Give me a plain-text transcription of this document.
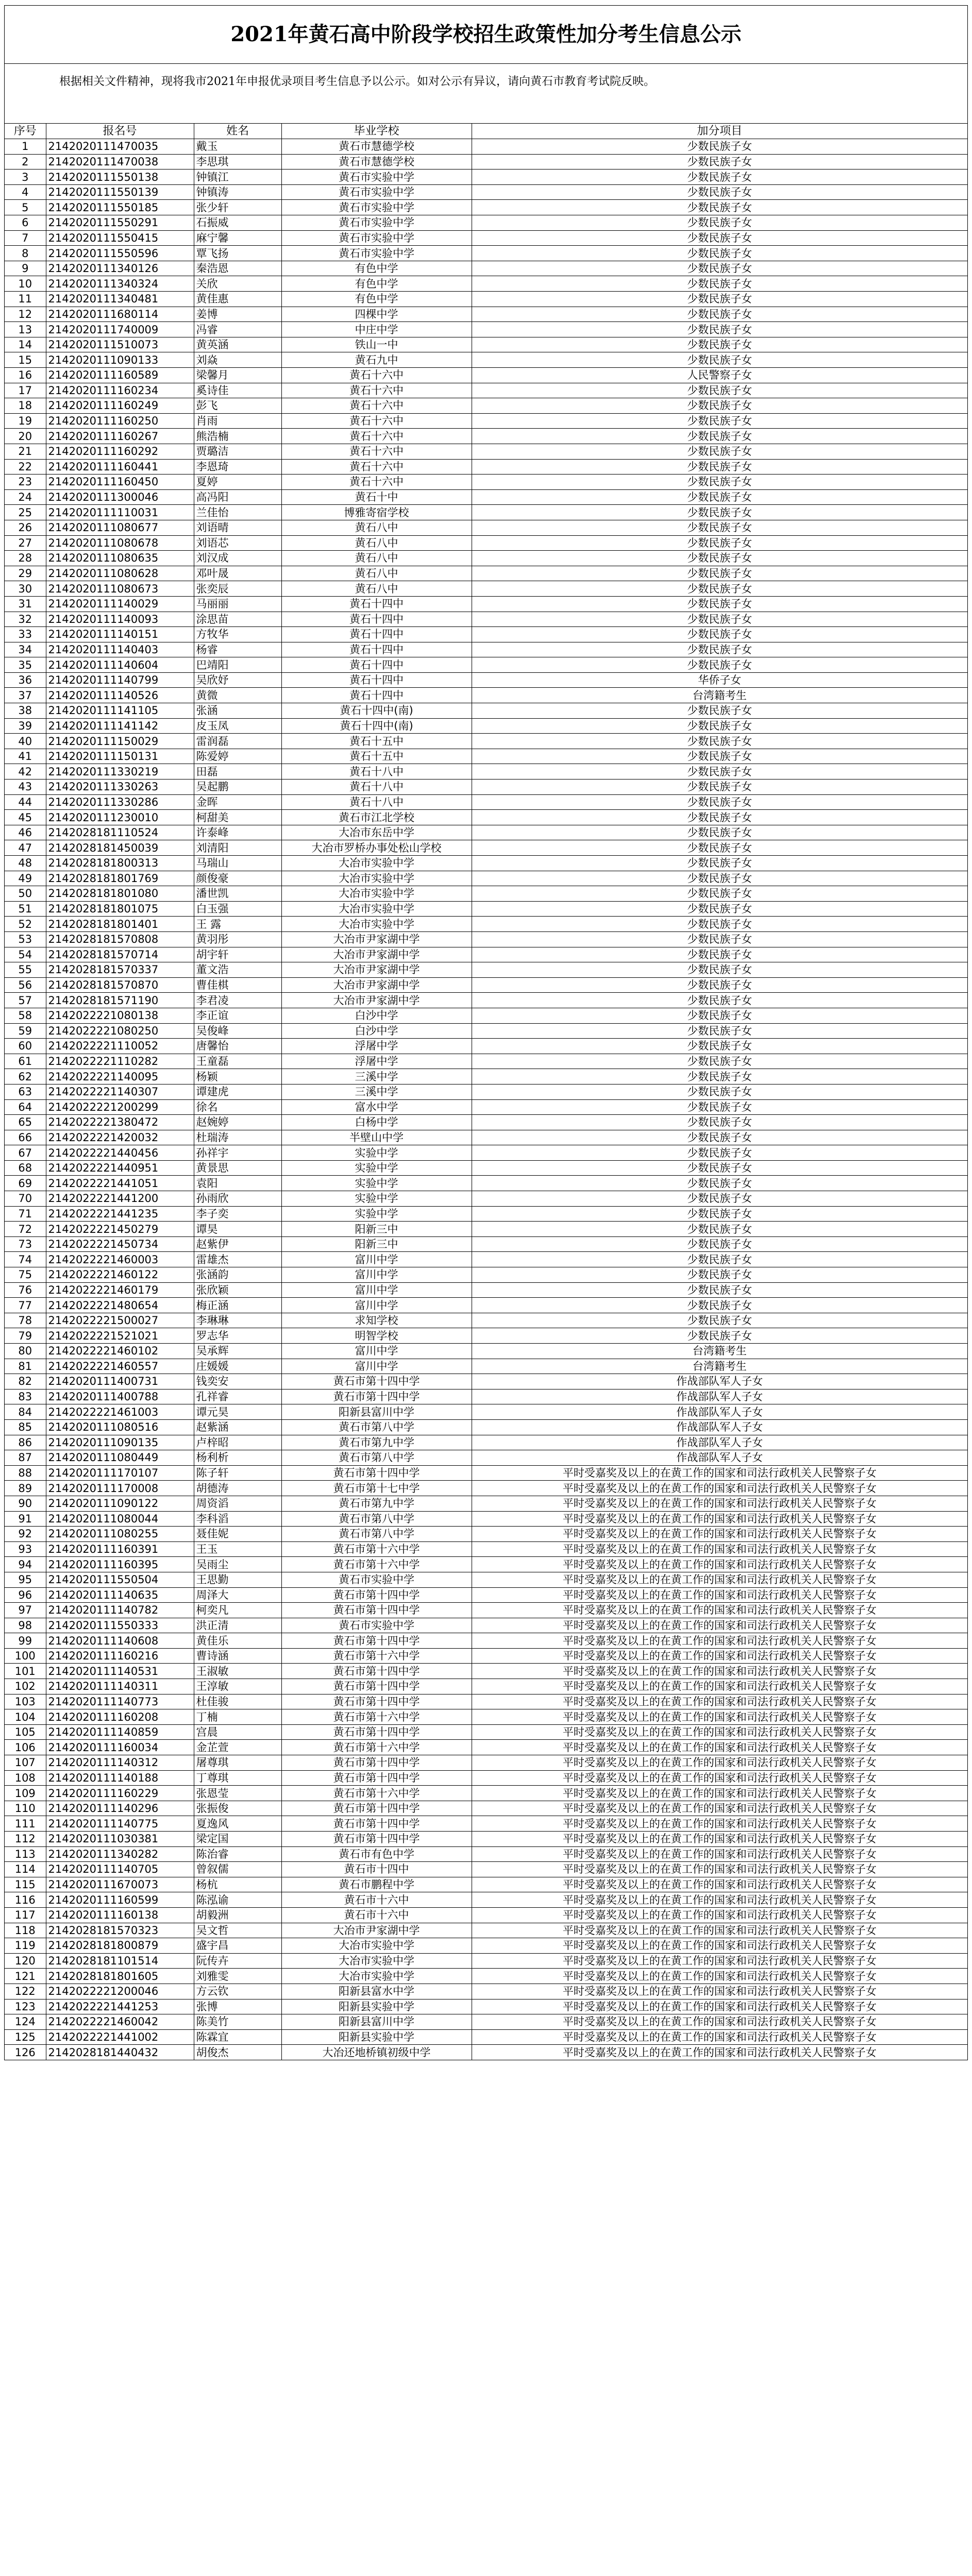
2021年黄石高中阶段学校招生政策性加分考生信息公示
根据相关文件精神，现将我市2021年申报优录项目考生信息予以公示。如对公示有异议，请向黄石市教育考试院反映。
序号	报名号	姓名	毕业学校	加分项目
1	2142020111470035	戴玉	黄石市慧德学校	少数民族子女
2	2142020111470038	李思琪	黄石市慧德学校	少数民族子女
3	2142020111550138	钟镇江	黄石市实验中学	少数民族子女
4	2142020111550139	钟镇涛	黄石市实验中学	少数民族子女
5	2142020111550185	张少轩	黄石市实验中学	少数民族子女
6	2142020111550291	石振威	黄石市实验中学	少数民族子女
7	2142020111550415	麻宁馨	黄石市实验中学	少数民族子女
8	2142020111550596	覃飞扬	黄石市实验中学	少数民族子女
9	2142020111340126	秦浩恩	有色中学	少数民族子女
10	2142020111340324	关欣	有色中学	少数民族子女
11	2142020111340481	黄佳惠	有色中学	少数民族子女
12	2142020111680114	姜博	四棵中学	少数民族子女
13	2142020111740009	冯睿	中庄中学	少数民族子女
14	2142020111510073	黄英涵	铁山一中	少数民族子女
15	2142020111090133	刘焱	黄石九中	少数民族子女
16	2142020111160589	梁馨月	黄石十六中	人民警察子女
17	2142020111160234	奚诗佳	黄石十六中	少数民族子女
18	2142020111160249	彭飞	黄石十六中	少数民族子女
19	2142020111160250	肖雨	黄石十六中	少数民族子女
20	2142020111160267	熊浩楠	黄石十六中	少数民族子女
21	2142020111160292	贾璐洁	黄石十六中	少数民族子女
22	2142020111160441	李恩琦	黄石十六中	少数民族子女
23	2142020111160450	夏婷	黄石十六中	少数民族子女
24	2142020111300046	高冯阳	黄石十中	少数民族子女
25	2142020111110031	兰佳怡	博雅寄宿学校	少数民族子女
26	2142020111080677	刘语晴	黄石八中	少数民族子女
27	2142020111080678	刘语芯	黄石八中	少数民族子女
28	2142020111080635	刘汉成	黄石八中	少数民族子女
29	2142020111080628	邓叶晟	黄石八中	少数民族子女
30	2142020111080673	张奕辰	黄石八中	少数民族子女
31	2142020111140029	马丽丽	黄石十四中	少数民族子女
32	2142020111140093	涂思苗	黄石十四中	少数民族子女
33	2142020111140151	方牧华	黄石十四中	少数民族子女
34	2142020111140403	杨睿	黄石十四中	少数民族子女
35	2142020111140604	巴靖阳	黄石十四中	少数民族子女
36	2142020111140799	吴欣妤	黄石十四中	华侨子女
37	2142020111140526	黄微	黄石十四中	台湾籍考生
38	2142020111141105	张涵	黄石十四中(南)	少数民族子女
39	2142020111141142	皮玉凤	黄石十四中(南)	少数民族子女
40	2142020111150029	雷润磊	黄石十五中	少数民族子女
41	2142020111150131	陈爱婷	黄石十五中	少数民族子女
42	2142020111330219	田磊	黄石十八中	少数民族子女
43	2142020111330263	吴起鹏	黄石十八中	少数民族子女
44	2142020111330286	金晖	黄石十八中	少数民族子女
45	2142020111230010	柯甜美	黄石市江北学校	少数民族子女
46	2142028181110524	许泰峰	大冶市东岳中学	少数民族子女
47	2142028181450039	刘清阳	大冶市罗桥办事处松山学校	少数民族子女
48	2142028181800313	马瑞山	大冶市实验中学	少数民族子女
49	2142028181801769	颜俊豪	大冶市实验中学	少数民族子女
50	2142028181801080	潘世凯	大冶市实验中学	少数民族子女
51	2142028181801075	白玉强	大冶市实验中学	少数民族子女
52	2142028181801401	王 露	大冶市实验中学	少数民族子女
53	2142028181570808	黄羽彤	大冶市尹家湖中学	少数民族子女
54	2142028181570714	胡宇轩	大冶市尹家湖中学	少数民族子女
55	2142028181570337	董文浩	大冶市尹家湖中学	少数民族子女
56	2142028181570870	曹佳棋	大冶市尹家湖中学	少数民族子女
57	2142028181571190	李君凌	大冶市尹家湖中学	少数民族子女
58	2142022221080138	李正谊	白沙中学	少数民族子女
59	2142022221080250	吴俊峰	白沙中学	少数民族子女
60	2142022221110052	唐馨怡	浮屠中学	少数民族子女
61	2142022221110282	王童磊	浮屠中学	少数民族子女
62	2142022221140095	杨颖	三溪中学	少数民族子女
63	2142022221140307	谭建虎	三溪中学	少数民族子女
64	2142022221200299	徐名	富水中学	少数民族子女
65	2142022221380472	赵婉婷	白杨中学	少数民族子女
66	2142022221420032	杜瑞涛	半壁山中学	少数民族子女
67	2142022221440456	孙祥宇	实验中学	少数民族子女
68	2142022221440951	黄景思	实验中学	少数民族子女
69	2142022221441051	袁阳	实验中学	少数民族子女
70	2142022221441200	孙雨欣	实验中学	少数民族子女
71	2142022221441235	李子奕	实验中学	少数民族子女
72	2142022221450279	谭昊	阳新三中	少数民族子女
73	2142022221450734	赵紫伊	阳新三中	少数民族子女
74	2142022221460003	雷雄杰	富川中学	少数民族子女
75	2142022221460122	张涵韵	富川中学	少数民族子女
76	2142022221460179	张欣颖	富川中学	少数民族子女
77	2142022221480654	梅正涵	富川中学	少数民族子女
78	2142022221500027	李琳琳	求知学校	少数民族子女
79	2142022221521021	罗志华	明智学校	少数民族子女
80	2142022221460102	吴承辉	富川中学	台湾籍考生
81	2142022221460557	庄媛媛	富川中学	台湾籍考生
82	2142020111400731	钱奕安	黄石市第十四中学	作战部队军人子女
83	2142020111400788	孔祥睿	黄石市第十四中学	作战部队军人子女
84	2142022221461003	谭元昊	阳新县富川中学	作战部队军人子女
85	2142020111080516	赵紫涵	黄石市第八中学	作战部队军人子女
86	2142020111090135	卢梓昭	黄石市第九中学	作战部队军人子女
87	2142020111080449	杨利析	黄石市第八中学	作战部队军人子女
88	2142020111170107	陈子轩	黄石市第十四中学	平时受嘉奖及以上的在黄工作的国家和司法行政机关人民警察子女
89	2142020111170008	胡德涛	黄石市第十七中学	平时受嘉奖及以上的在黄工作的国家和司法行政机关人民警察子女
90	2142020111090122	周资滔	黄石市第九中学	平时受嘉奖及以上的在黄工作的国家和司法行政机关人民警察子女
91	2142020111080044	李科滔	黄石市第八中学	平时受嘉奖及以上的在黄工作的国家和司法行政机关人民警察子女
92	2142020111080255	聂佳妮	黄石市第八中学	平时受嘉奖及以上的在黄工作的国家和司法行政机关人民警察子女
93	2142020111160391	王玉	黄石市第十六中学	平时受嘉奖及以上的在黄工作的国家和司法行政机关人民警察子女
94	2142020111160395	吴雨尘	黄石市第十六中学	平时受嘉奖及以上的在黄工作的国家和司法行政机关人民警察子女
95	2142020111550504	王思勤	黄石市实验中学	平时受嘉奖及以上的在黄工作的国家和司法行政机关人民警察子女
96	2142020111140635	周泽大	黄石市第十四中学	平时受嘉奖及以上的在黄工作的国家和司法行政机关人民警察子女
97	2142020111140782	柯奕凡	黄石市第十四中学	平时受嘉奖及以上的在黄工作的国家和司法行政机关人民警察子女
98	2142020111550333	洪正清	黄石市实验中学	平时受嘉奖及以上的在黄工作的国家和司法行政机关人民警察子女
99	2142020111140608	黄佳乐	黄石市第十四中学	平时受嘉奖及以上的在黄工作的国家和司法行政机关人民警察子女
100	2142020111160216	曹诗涵	黄石市第十六中学	平时受嘉奖及以上的在黄工作的国家和司法行政机关人民警察子女
101	2142020111140531	王淑敏	黄石市第十四中学	平时受嘉奖及以上的在黄工作的国家和司法行政机关人民警察子女
102	2142020111140311	王淳敏	黄石市第十四中学	平时受嘉奖及以上的在黄工作的国家和司法行政机关人民警察子女
103	2142020111140773	杜佳骏	黄石市第十四中学	平时受嘉奖及以上的在黄工作的国家和司法行政机关人民警察子女
104	2142020111160208	丁楠	黄石市第十六中学	平时受嘉奖及以上的在黄工作的国家和司法行政机关人民警察子女
105	2142020111140859	宫晨	黄石市第十四中学	平时受嘉奖及以上的在黄工作的国家和司法行政机关人民警察子女
106	2142020111160034	金芷萱	黄石市第十六中学	平时受嘉奖及以上的在黄工作的国家和司法行政机关人民警察子女
107	2142020111140312	屠尊琪	黄石市第十四中学	平时受嘉奖及以上的在黄工作的国家和司法行政机关人民警察子女
108	2142020111140188	丁尊琪	黄石市第十四中学	平时受嘉奖及以上的在黄工作的国家和司法行政机关人民警察子女
109	2142020111160229	张恩莹	黄石市第十六中学	平时受嘉奖及以上的在黄工作的国家和司法行政机关人民警察子女
110	2142020111140296	张振俊	黄石市第十四中学	平时受嘉奖及以上的在黄工作的国家和司法行政机关人民警察子女
111	2142020111140775	夏逸风	黄石市第十四中学	平时受嘉奖及以上的在黄工作的国家和司法行政机关人民警察子女
112	2142020111030381	梁定国	黄石市第十四中学	平时受嘉奖及以上的在黄工作的国家和司法行政机关人民警察子女
113	2142020111340282	陈治睿	黄石市有色中学	平时受嘉奖及以上的在黄工作的国家和司法行政机关人民警察子女
114	2142020111140705	曾叙儒	黄石市十四中	平时受嘉奖及以上的在黄工作的国家和司法行政机关人民警察子女
115	2142020111670073	杨杭	黄石市鹏程中学	平时受嘉奖及以上的在黄工作的国家和司法行政机关人民警察子女
116	2142020111160599	陈泓谕	黄石市十六中	平时受嘉奖及以上的在黄工作的国家和司法行政机关人民警察子女
117	2142020111160138	胡毅洲	黄石市十六中	平时受嘉奖及以上的在黄工作的国家和司法行政机关人民警察子女
118	2142028181570323	吴文哲	大冶市尹家湖中学	平时受嘉奖及以上的在黄工作的国家和司法行政机关人民警察子女
119	2142028181800879	盛宇昌	大冶市实验中学	平时受嘉奖及以上的在黄工作的国家和司法行政机关人民警察子女
120	2142028181101514	阮传卉	大冶市实验中学	平时受嘉奖及以上的在黄工作的国家和司法行政机关人民警察子女
121	2142028181801605	刘雅雯	大冶市实验中学	平时受嘉奖及以上的在黄工作的国家和司法行政机关人民警察子女
122	2142022221200046	方云钦	阳新县富水中学	平时受嘉奖及以上的在黄工作的国家和司法行政机关人民警察子女
123	2142022221441253	张博	阳新县实验中学	平时受嘉奖及以上的在黄工作的国家和司法行政机关人民警察子女
124	2142022221460042	陈美竹	阳新县富川中学	平时受嘉奖及以上的在黄工作的国家和司法行政机关人民警察子女
125	2142022221441002	陈霖宜	阳新县实验中学	平时受嘉奖及以上的在黄工作的国家和司法行政机关人民警察子女
126	2142028181440432	胡俊杰	大冶还地桥镇初级中学	平时受嘉奖及以上的在黄工作的国家和司法行政机关人民警察子女
